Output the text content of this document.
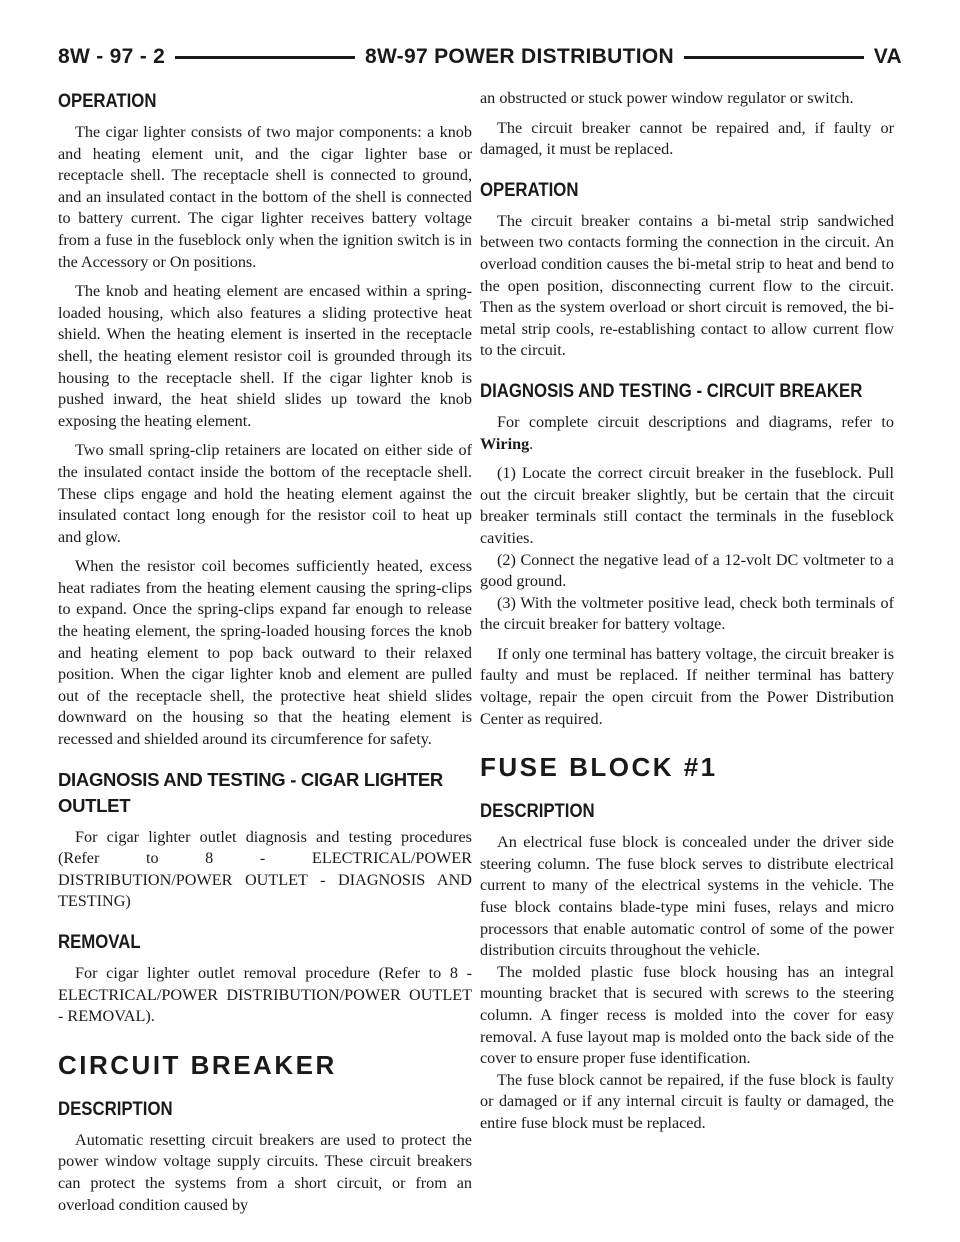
8W - 97 - 2	8W-97 POWER DISTRIBUTION	VA
OPERATION

The cigar lighter consists of two major components: a knob and heating element unit, and the cigar lighter base or receptacle shell. The receptacle shell is connected to ground, and an insulated contact in the bottom of the shell is connected to battery current. The cigar lighter receives battery voltage from a fuse in the fuseblock only when the ignition switch is in the Accessory or On positions.

The knob and heating element are encased within a spring-loaded housing, which also features a sliding protective heat shield. When the heating element is inserted in the receptacle shell, the heating element resistor coil is grounded through its housing to the receptacle shell. If the cigar lighter knob is pushed inward, the heat shield slides up toward the knob exposing the heating element.

Two small spring-clip retainers are located on either side of the insulated contact inside the bottom of the receptacle shell. These clips engage and hold the heating element against the insulated contact long enough for the resistor coil to heat up and glow.

When the resistor coil becomes sufficiently heated, excess heat radiates from the heating element causing the spring-clips to expand. Once the spring-clips expand far enough to release the heating element, the spring-loaded housing forces the knob and heating element to pop back outward to their relaxed position. When the cigar lighter knob and element are pulled out of the receptacle shell, the protective heat shield slides downward on the housing so that the heating element is recessed and shielded around its circumference for safety.

DIAGNOSIS AND TESTING - CIGAR LIGHTER OUTLET

For cigar lighter outlet diagnosis and testing procedures (Refer to 8 - ELECTRICAL/POWER DISTRIBUTION/POWER OUTLET - DIAGNOSIS AND TESTING)

REMOVAL

For cigar lighter outlet removal procedure (Refer to 8 - ELECTRICAL/POWER DISTRIBUTION/POWER OUTLET - REMOVAL).

CIRCUIT BREAKER
DESCRIPTION

Automatic resetting circuit breakers are used to protect the power window voltage supply circuits. These circuit breakers can protect the systems from a short circuit, or from an overload condition caused by

an obstructed or stuck power window regulator or switch.

The circuit breaker cannot be repaired and, if faulty or damaged, it must be replaced.

OPERATION

The circuit breaker contains a bi-metal strip sandwiched between two contacts forming the connection in the circuit. An overload condition causes the bi-metal strip to heat and bend to the open position, disconnecting current flow to the circuit. Then as the system overload or short circuit is removed, the bi-metal strip cools, re-establishing contact to allow current flow to the circuit.

DIAGNOSIS AND TESTING - CIRCUIT BREAKER

For complete circuit descriptions and diagrams, refer to Wiring.

(1) Locate the correct circuit breaker in the fuseblock. Pull out the circuit breaker slightly, but be certain that the circuit breaker terminals still contact the terminals in the fuseblock cavities.

(2) Connect the negative lead of a 12-volt DC voltmeter to a good ground.

(3) With the voltmeter positive lead, check both terminals of the circuit breaker for battery voltage.

If only one terminal has battery voltage, the circuit breaker is faulty and must be replaced. If neither terminal has battery voltage, repair the open circuit from the Power Distribution Center as required.

FUSE BLOCK #1
DESCRIPTION

An electrical fuse block is concealed under the driver side steering column. The fuse block serves to distribute electrical current to many of the electrical systems in the vehicle. The fuse block contains blade-type mini fuses, relays and micro processors that enable automatic control of some of the power distribution circuits throughout the vehicle.

The molded plastic fuse block housing has an integral mounting bracket that is secured with screws to the steering column. A finger recess is molded into the cover for easy removal. A fuse layout map is molded onto the back side of the cover to ensure proper fuse identification.

The fuse block cannot be repaired, if the fuse block is faulty or damaged or if any internal circuit is faulty or damaged, the entire fuse block must be replaced.
